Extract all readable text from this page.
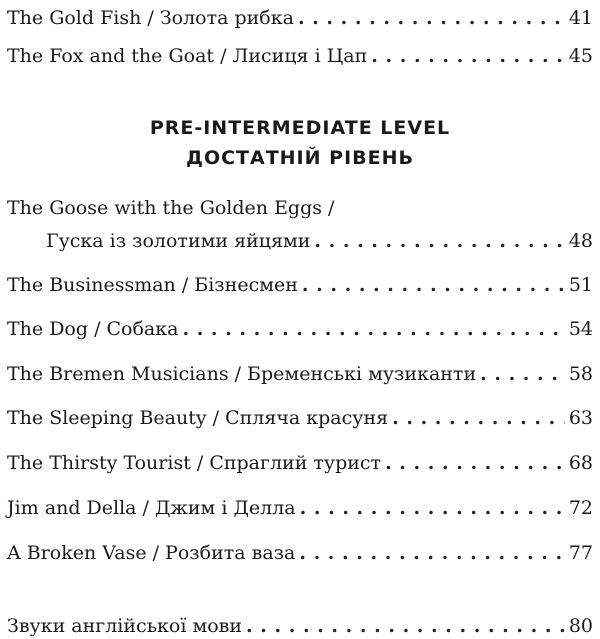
The Gold Fish / Золота рибка . . .	41
The Fox and the Goat / Лисиця і Цап . . .	45
PRE-INTERMEDIATE LEVEL
ДОСТАТНІЙ РІВЕНЬ
The Goose with the Golden Eggs /
Гуска із золотими яйцями . . .	48
The Businessman / Бізнесмен . . .	51
The Dog / Собака . . .	54
The Bremen Musicians / Бременські музиканти . . .	58
The Sleeping Beauty / Спляча красуня . . .	63
The Thirsty Tourist / Спраглий турист . . .	68
Jim and Della / Джим і Делла . . .	72
A Broken Vase / Розбита ваза . . .	77
Звуки англійської мови . . .	80
